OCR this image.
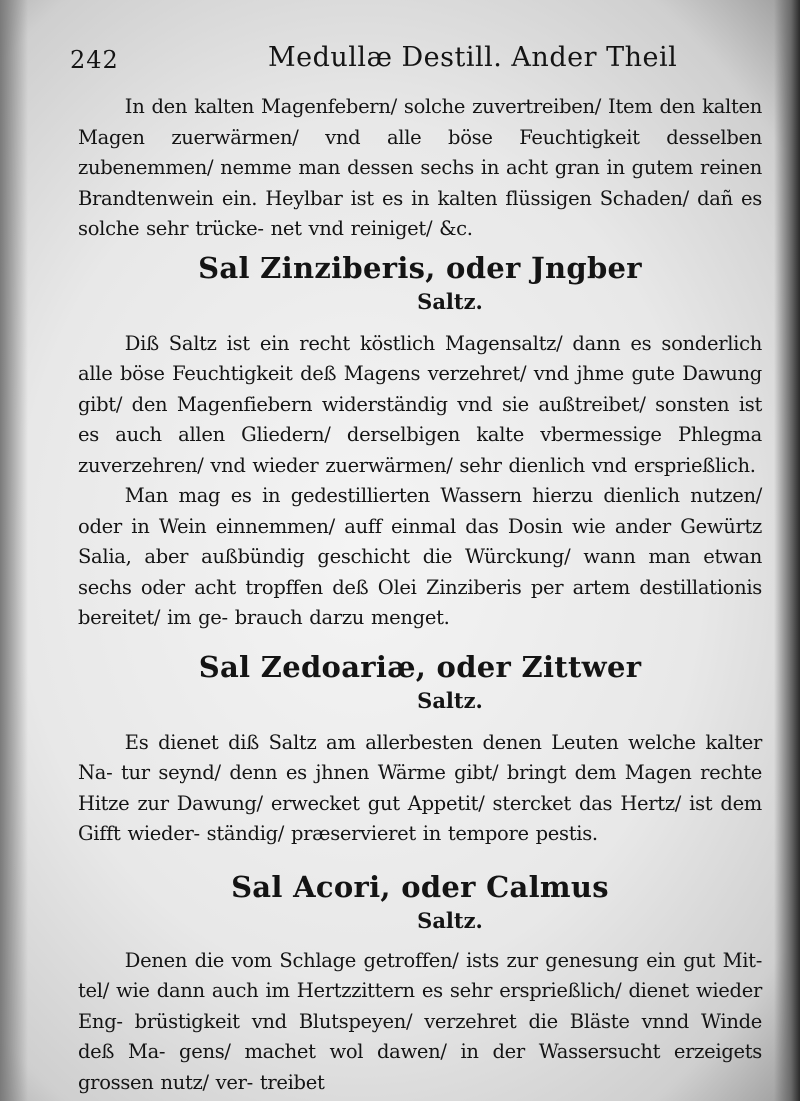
242	Medullæ Destill. Ander Theil

In den kalten Magenfebern/ solche zuvertreiben/ Item den kalten Magen zuerwärmen/ vnd alle böse Feuchtigkeit desselben zubenemmen/ nemme man dessen sechs in acht gran in gutem reinen Brandtenwein ein. Heylbar ist es in kalten flüssigen Schaden/ dañ es solche sehr trücke- net vnd reiniget/ &c.

Sal Zinziberis, oder Jngber
Saltz.

Diß Saltz ist ein recht köstlich Magensaltz/ dann es sonderlich alle böse Feuchtigkeit deß Magens verzehret/ vnd jhme gute Dawung gibt/ den Magenfiebern widerständig vnd sie außtreibet/ sonsten ist es auch allen Gliedern/ derselbigen kalte vbermessige Phlegma zuverzehren/ vnd wieder zuerwärmen/ sehr dienlich vnd ersprießlich.

Man mag es in gedestillierten Wassern hierzu dienlich nutzen/ oder in Wein einnemmen/ auff einmal das Dosin wie ander Gewürtz Salia, aber außbündig geschicht die Würckung/ wann man etwan sechs oder acht tropffen deß Olei Zinziberis per artem destillationis bereitet/ im ge- brauch darzu menget.

Sal Zedoariæ, oder Zittwer
Saltz.

Es dienet diß Saltz am allerbesten denen Leuten welche kalter Na- tur seynd/ denn es jhnen Wärme gibt/ bringt dem Magen rechte Hitze zur Dawung/ erwecket gut Appetit/ stercket das Hertz/ ist dem Gifft wieder- ständig/ præservieret in tempore pestis.

Sal Acori, oder Calmus
Saltz.

Denen die vom Schlage getroffen/ ists zur genesung ein gut Mit- tel/ wie dann auch im Hertzzittern es sehr ersprießlich/ dienet wieder Eng- brüstigkeit vnd Blutspeyen/ verzehret die Bläste vnnd Winde deß Ma- gens/ machet wol dawen/ in der Wassersucht erzeigets grossen nutz/ ver- treibet
